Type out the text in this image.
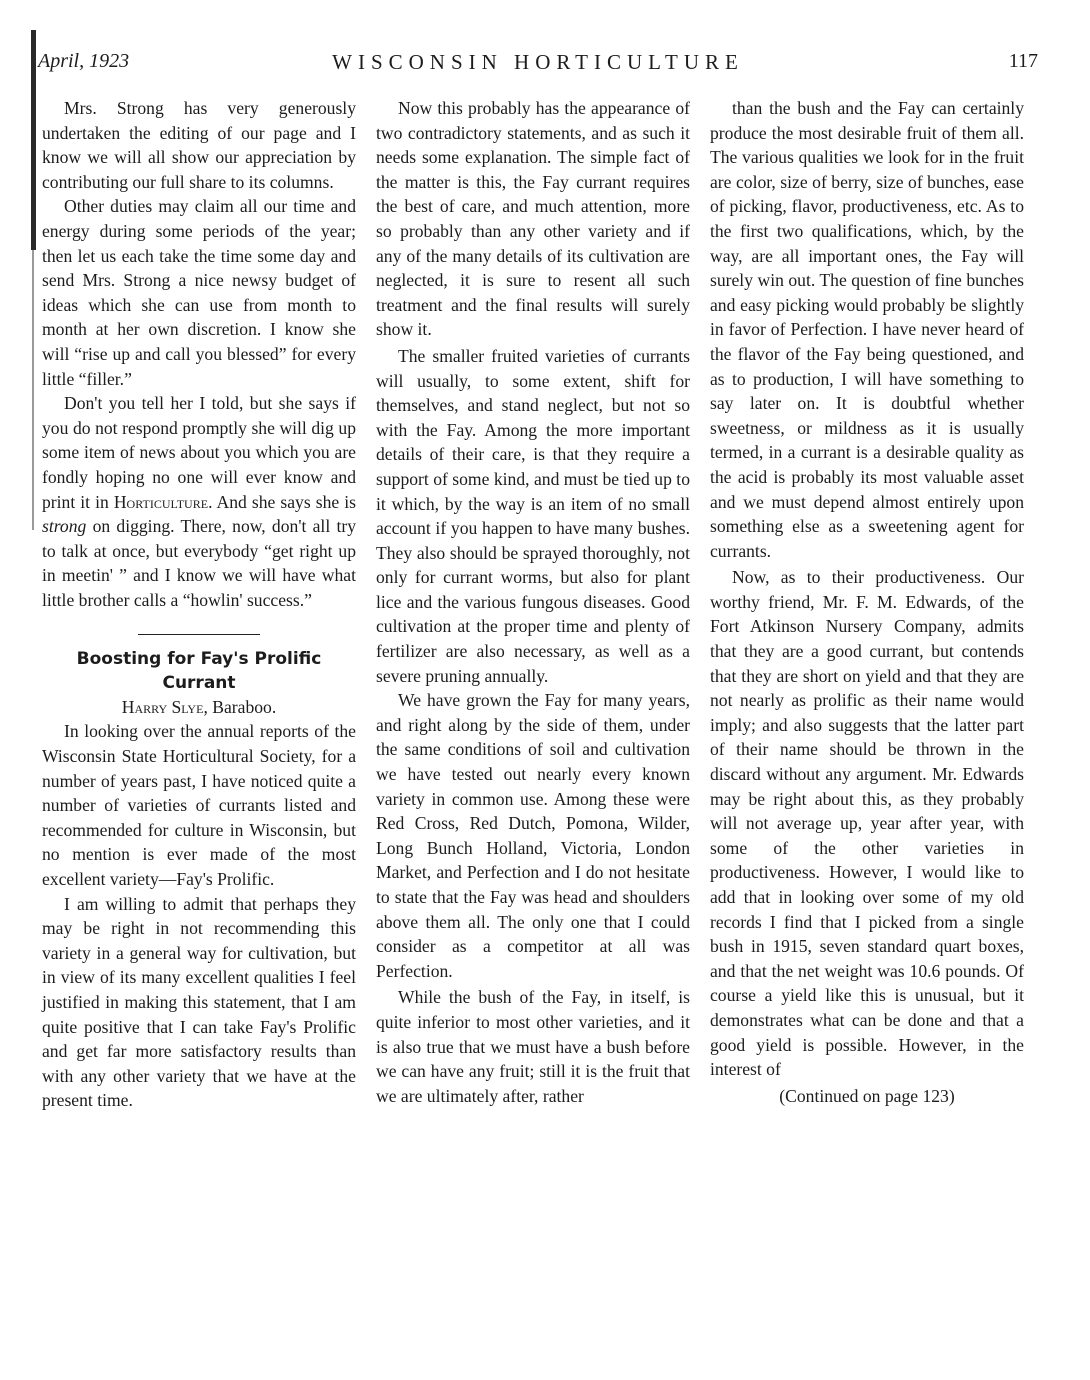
April, 1923	WISCONSIN HORTICULTURE	117

Mrs. Strong has very generously undertaken the editing of our page and I know we will all show our appreciation by contributing our full share to its columns.

Other duties may claim all our time and energy during some periods of the year; then let us each take the time some day and send Mrs. Strong a nice newsy budget of ideas which she can use from month to month at her own discretion. I know she will “rise up and call you blessed” for every little “filler.”

Don't you tell her I told, but she says if you do not respond promptly she will dig up some item of news about you which you are fondly hoping no one will ever know and print it in Horticulture. And she says she is strong on digging. There, now, don't all try to talk at once, but everybody “get right up in meetin' ” and I know we will have what little brother calls a “howlin' success.”

Boosting for Fay's Prolific
Currant
Harry Slye, Baraboo.

In looking over the annual reports of the Wisconsin State Horticultural Society, for a number of years past, I have noticed quite a number of varieties of currants listed and recommended for culture in Wisconsin, but no mention is ever made of the most excellent variety—Fay's Prolific.

I am willing to admit that perhaps they may be right in not recommending this variety in a general way for cultivation, but in view of its many excellent qualities I feel justified in making this statement, that I am quite positive that I can take Fay's Prolific and get far more satisfactory results than with any other variety that we have at the present time.

Now this probably has the appearance of two contradictory statements, and as such it needs some explanation. The simple fact of the matter is this, the Fay currant requires the best of care, and much attention, more so probably than any other variety and if any of the many details of its cultivation are neglected, it is sure to resent all such treatment and the final results will surely show it.

The smaller fruited varieties of currants will usually, to some extent, shift for themselves, and stand neglect, but not so with the Fay. Among the more important details of their care, is that they require a support of some kind, and must be tied up to it which, by the way is an item of no small account if you happen to have many bushes. They also should be sprayed thoroughly, not only for currant worms, but also for plant lice and the various fungous diseases. Good cultivation at the proper time and plenty of fertilizer are also necessary, as well as a severe pruning annually.

We have grown the Fay for many years, and right along by the side of them, under the same conditions of soil and cultivation we have tested out nearly every known variety in common use. Among these were Red Cross, Red Dutch, Pomona, Wilder, Long Bunch Holland, Victoria, London Market, and Perfection and I do not hesitate to state that the Fay was head and shoulders above them all. The only one that I could consider as a competitor at all was Perfection.

While the bush of the Fay, in itself, is quite inferior to most other varieties, and it is also true that we must have a bush before we can have any fruit; still it is the fruit that we are ultimately after, rather

than the bush and the Fay can certainly produce the most desirable fruit of them all. The various qualities we look for in the fruit are color, size of berry, size of bunches, ease of picking, flavor, productiveness, etc. As to the first two qualifications, which, by the way, are all important ones, the Fay will surely win out. The question of fine bunches and easy picking would probably be slightly in favor of Perfection. I have never heard of the flavor of the Fay being questioned, and as to production, I will have something to say later on. It is doubtful whether sweetness, or mildness as it is usually termed, in a currant is a desirable quality as the acid is probably its most valuable asset and we must depend almost entirely upon something else as a sweetening agent for currants.

Now, as to their productiveness. Our worthy friend, Mr. F. M. Edwards, of the Fort Atkinson Nursery Company, admits that they are a good currant, but contends that they are short on yield and that they are not nearly as prolific as their name would imply; and also suggests that the latter part of their name should be thrown in the discard without any argument. Mr. Edwards may be right about this, as they probably will not average up, year after year, with some of the other varieties in productiveness. However, I would like to add that in looking over some of my old records I find that I picked from a single bush in 1915, seven standard quart boxes, and that the net weight was 10.6 pounds. Of course a yield like this is unusual, but it demonstrates what can be done and that a good yield is possible. However, in the interest of

(Continued on page 123)
